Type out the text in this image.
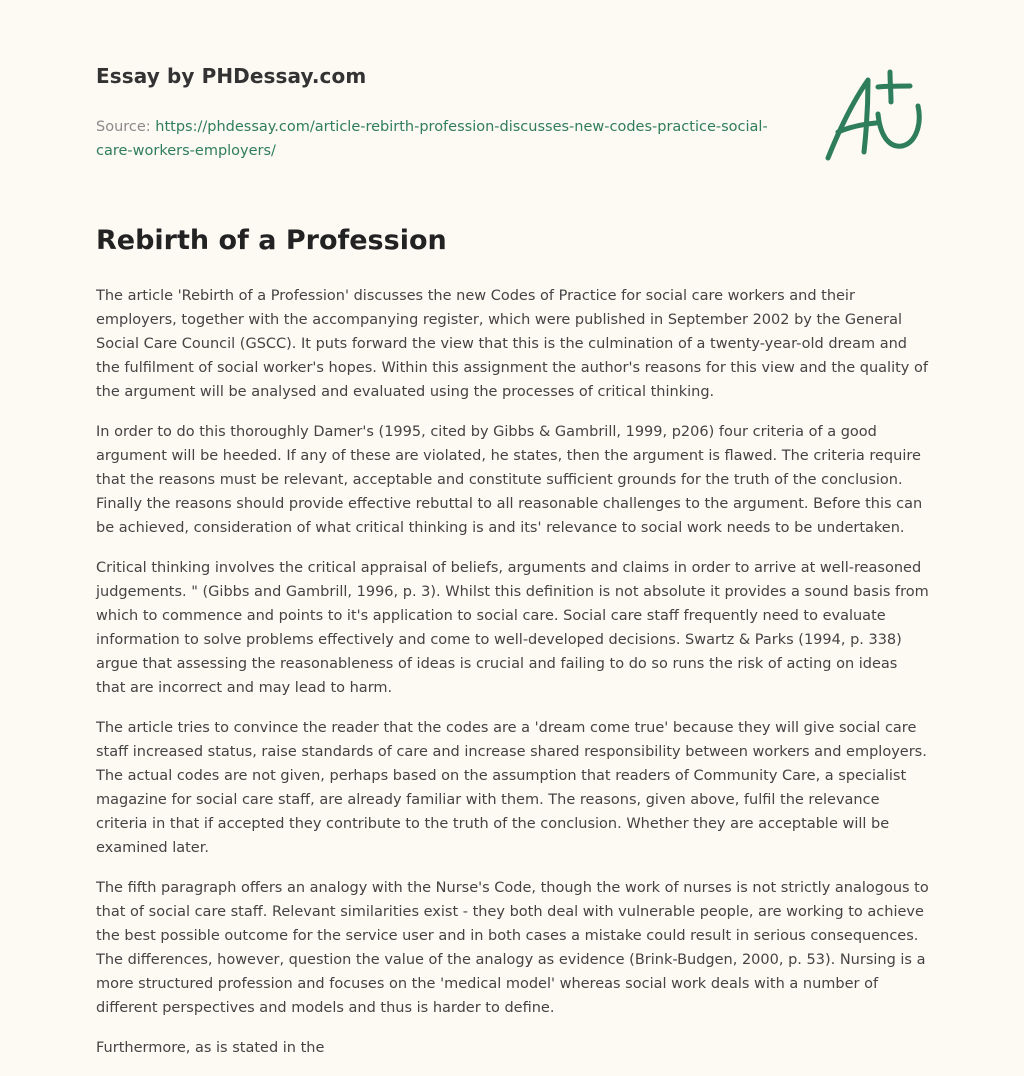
Essay by PHDessay.com
Source: https://phdessay.com/article-rebirth-profession-discusses-new-codes-practice-social-care-workers-employers/
Rebirth of a Profession

The article 'Rebirth of a Profession' discusses the new Codes of Practice for social care workers and their employers, together with the accompanying register, which were published in September 2002 by the General Social Care Council (GSCC). It puts forward the view that this is the culmination of a twenty-year-old dream and the fulfilment of social worker's hopes. Within this assignment the author's reasons for this view and the quality of the argument will be analysed and evaluated using the processes of critical thinking.

In order to do this thoroughly Damer's (1995, cited by Gibbs & Gambrill, 1999, p206) four criteria of a good argument will be heeded. If any of these are violated, he states, then the argument is flawed. The criteria require that the reasons must be relevant, acceptable and constitute sufficient grounds for the truth of the conclusion. Finally the reasons should provide effective rebuttal to all reasonable challenges to the argument. Before this can be achieved, consideration of what critical thinking is and its' relevance to social work needs to be undertaken.

Critical thinking involves the critical appraisal of beliefs, arguments and claims in order to arrive at well-reasoned judgements. " (Gibbs and Gambrill, 1996, p. 3). Whilst this definition is not absolute it provides a sound basis from which to commence and points to it's application to social care. Social care staff frequently need to evaluate information to solve problems effectively and come to well-developed decisions. Swartz & Parks (1994, p. 338) argue that assessing the reasonableness of ideas is crucial and failing to do so runs the risk of acting on ideas that are incorrect and may lead to harm.

The article tries to convince the reader that the codes are a 'dream come true' because they will give social care staff increased status, raise standards of care and increase shared responsibility between workers and employers. The actual codes are not given, perhaps based on the assumption that readers of Community Care, a specialist magazine for social care staff, are already familiar with them. The reasons, given above, fulfil the relevance criteria in that if accepted they contribute to the truth of the conclusion. Whether they are acceptable will be examined later.

The fifth paragraph offers an analogy with the Nurse's Code, though the work of nurses is not strictly analogous to that of social care staff. Relevant similarities exist - they both deal with vulnerable people, are working to achieve the best possible outcome for the service user and in both cases a mistake could result in serious consequences. The differences, however, question the value of the analogy as evidence (Brink-Budgen, 2000, p. 53). Nursing is a more structured profession and focuses on the 'medical model' whereas social work deals with a number of different perspectives and models and thus is harder to define.

Furthermore, as is stated in the
